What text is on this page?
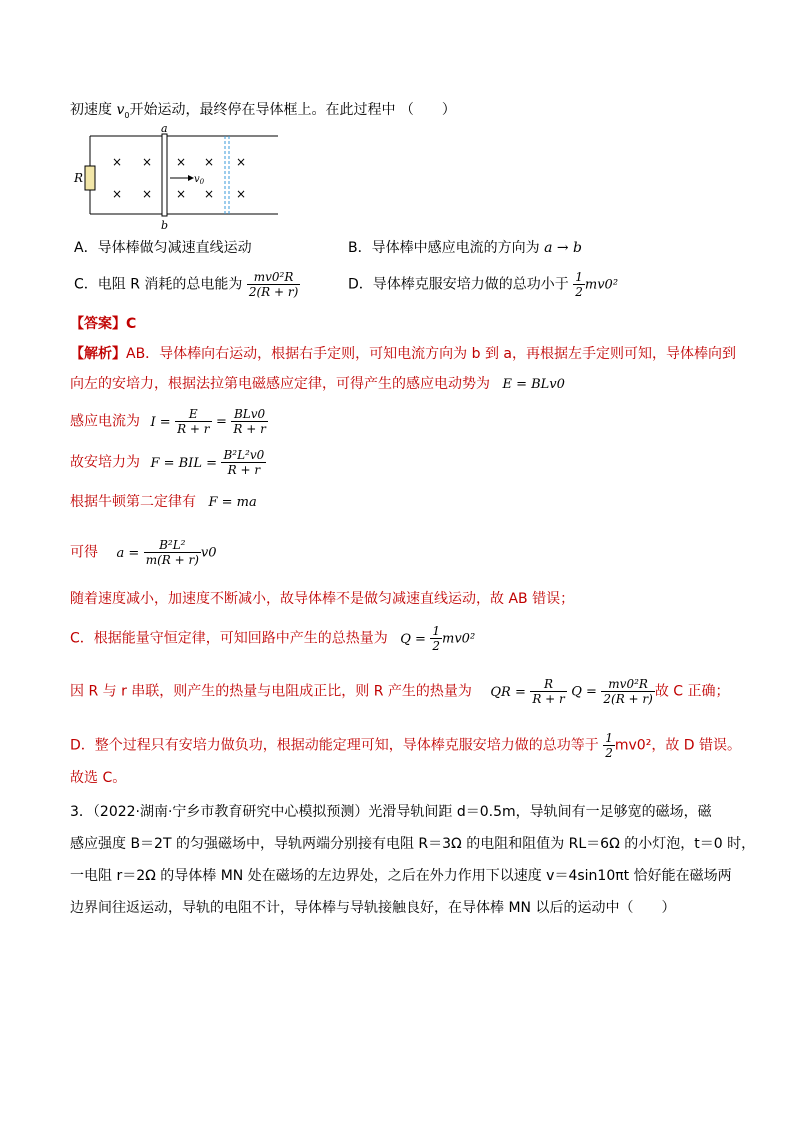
初速度 $v_0$开始运动，最终停在导体框上。在此过程中 （　　）
R
a
b
$v_0$
× × × × ×
× × × × ×
A．导体棒做匀减速直线运动	B．导体棒中感应电流的方向为 a → b
C．电阻 R 消耗的总电能为 $\frac{\text{mv0²R}}{2(R + r)}$	D．导体棒克服安培力做的总功小于 $\frac{1}{2} mv0^2$
【答案】C
【解析】AB．导体棒向右运动，根据右手定则，可知电流方向为 b 到 a，再根据左手定则可知，导体棒向到
向左的安培力，根据法拉第电磁感应定律，可得产生的感应电动势为 E = BLv0
感应电流为 $I = \frac{E}{R + r} = \frac{\text{BLv0}}{R + r}$
故安培力为 F = BIL = $\frac{\text{B²L²v0}}{R + r}$
根据牛顿第二定律有 F = ma
可得 $a = \frac{\text{B²L²}}{m(R + r)} v0$
随着速度减小，加速度不断减小，故导体棒不是做匀减速直线运动，故 AB 错误；
C．根据能量守恒定律，可知回路中产生的总热量为 $Q = \frac{1}{2} mv0^2$
因 R 与 r 串联，则产生的热量与电阻成正比，则 R 产生的热量为 QR = $\frac{R}{R + r}$ $Q = \frac{\text{mv0²R}}{2(R + r)}$ 故 C 正确；
D．整个过程只有安培力做负功，根据动能定理可知，导体棒克服安培力做的总功等于 $\frac{1}{2} mv0^2$，故 D 错误。
故选 C。
3．（2022·湖南·宁乡市教育研究中心模拟预测）光滑导轨间距 d＝0.5m，导轨间有一足够宽的磁场，磁
感应强度 B＝2T 的匀强磁场中，导轨两端分别接有电阻 R＝3Ω 的电阻和阻值为 RL＝6Ω 的小灯泡，t＝0 时，
一电阻 r＝2Ω 的导体棒 MN 处在磁场的左边界处，之后在外力作用下以速度 v＝4sin10πt 恰好能在磁场两
边界间往返运动，导轨的电阻不计，导体棒与导轨接触良好，在导体棒 MN 以后的运动中（　　）
